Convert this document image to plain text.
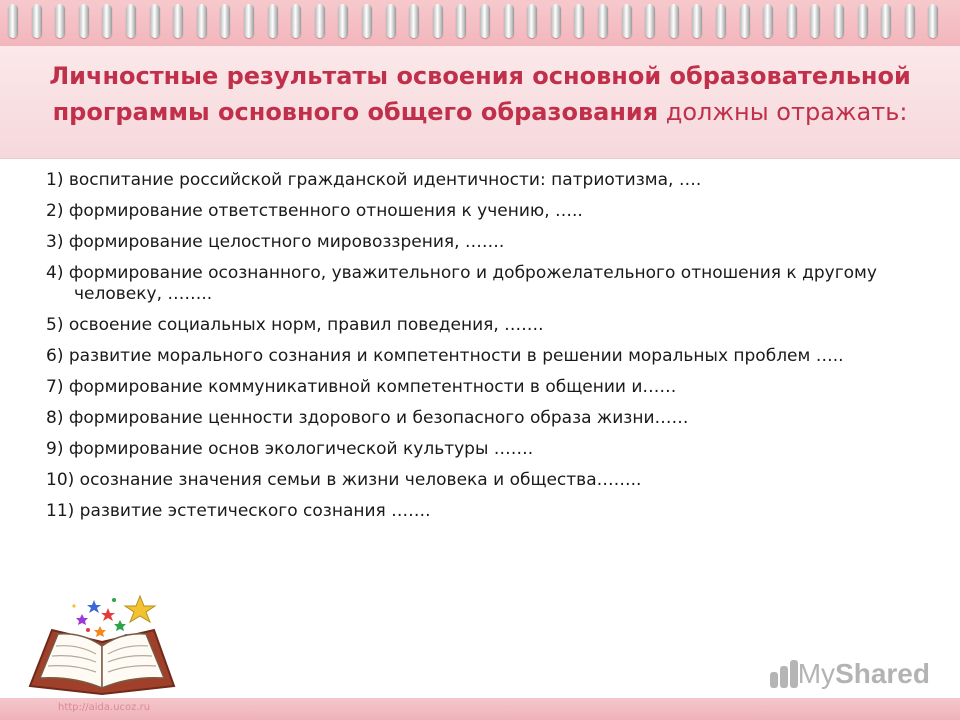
Личностные результаты освоения основной образовательной программы основного общего образования должны отражать:
1) воспитание российской гражданской идентичности: патриотизма, ….
2) формирование ответственного отношения к учению, …..
3) формирование целостного мировоззрения, …….
4) формирование осознанного, уважительного и доброжелательного отношения к другому человеку, ……..
5) освоение социальных норм, правил поведения, …….
6) развитие морального сознания и компетентности в решении моральных проблем …..
7) формирование коммуникативной компетентности в общении и……
8) формирование ценности здорового и безопасного образа жизни……
9) формирование основ экологической культуры …….
10) осознание значения семьи в жизни человека и общества……..
11) развитие эстетического сознания …….
http://aida.ucoz.ru
MyShared
